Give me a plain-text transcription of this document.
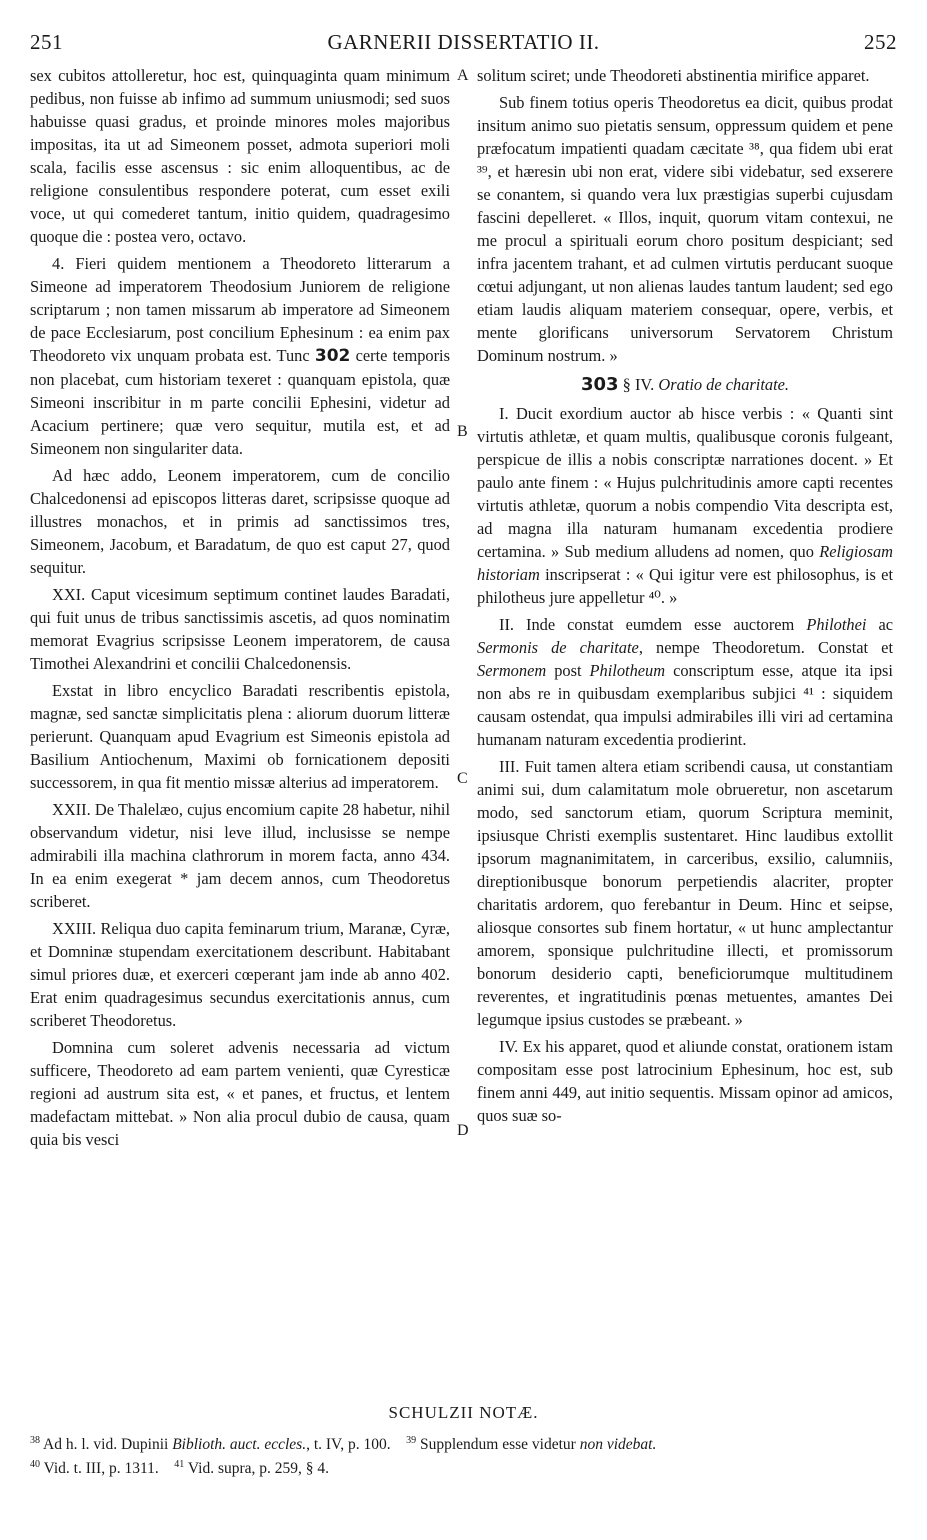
251	GARNERII DISSERTATIO II.	252

sex cubitos attolleretur, hoc est, quinquaginta quam minimum pedibus, non fuisse ab infimo ad summum uniusmodi; sed suos habuisse quasi gradus, et proinde minores moles majoribus impositas, ita ut ad Simeonem posset, admota superiori moli scala, facilis esse ascensus : sic enim alloquentibus, ac de religione consulentibus respondere poterat, cum esset exili voce, ut qui comederet tantum, initio quidem, quadragesimo quoque die : postea vero, octavo.

4. Fieri quidem mentionem a Theodoreto litterarum a Simeone ad imperatorem Theodosium Juniorem de religione scriptarum ; non tamen missarum ab imperatore ad Simeonem de pace Ecclesiarum, post concilium Ephesinum : ea enim pax Theodoreto vix unquam probata est. Tunc 302 certe temporis non placebat, cum historiam texeret : quanquam epistola, quæ Simeoni inscribitur in m parte concilii Ephesini, videtur ad Acacium pertinere; quæ vero sequitur, mutila est, et ad Simeonem non singulariter data.

Ad hæc addo, Leonem imperatorem, cum de concilio Chalcedonensi ad episcopos litteras daret, scripsisse quoque ad illustres monachos, et in primis ad sanctissimos tres, Simeonem, Jacobum, et Baradatum, de quo est caput 27, quod sequitur.

XXI. Caput vicesimum septimum continet laudes Baradati, qui fuit unus de tribus sanctissimis ascetis, ad quos nominatim memorat Evagrius scripsisse Leonem imperatorem, de causa Timothei Alexandrini et concilii Chalcedonensis.

Exstat in libro encyclico Baradati rescribentis epistola, magnæ, sed sanctæ simplicitatis plena : aliorum duorum litteræ perierunt. Quanquam apud Evagrium est Simeonis epistola ad Basilium Antiochenum, Maximi ob fornicationem depositi successorem, in qua fit mentio missæ alterius ad imperatorem.

XXII. De Thalelæo, cujus encomium capite 28 habetur, nihil observandum videtur, nisi leve illud, inclusisse se nempe admirabili illa machina clathrorum in morem facta, anno 434. In ea enim exegerat * jam decem annos, cum Theodoretus scriberet.

XXIII. Reliqua duo capita feminarum trium, Maranæ, Cyræ, et Domninæ stupendam exercitationem describunt. Habitabant simul priores duæ, et exerceri cœperant jam inde ab anno 402. Erat enim quadragesimus secundus exercitationis annus, cum scriberet Theodoretus.

Domnina cum soleret advenis necessaria ad victum sufficere, Theodoreto ad eam partem venienti, quæ Cyresticæ regioni ad austrum sita est, « et panes, et fructus, et lentem madefactam mittebat. » Non alia procul dubio de causa, quam quia bis vesci

A
B
C
D

solitum sciret; unde Theodoreti abstinentia mirifice apparet.

Sub finem totius operis Theodoretus ea dicit, quibus prodat insitum animo suo pietatis sensum, oppressum quidem et pene præfocatum impatienti quadam cæcitate ³⁸, qua fidem ubi erat ³⁹, et hæresin ubi non erat, videre sibi videbatur, sed exserere se conantem, si quando vera lux præstigias superbi cujusdam fascini depelleret. « Illos, inquit, quorum vitam contexui, ne me procul a spirituali eorum choro positum despiciant; sed infra jacentem trahant, et ad culmen virtutis perducant suoque cœtui adjungant, ut non alienas laudes tantum laudent; sed ego etiam laudis aliquam materiem consequar, opere, verbis, et mente glorificans universorum Servatorem Christum Dominum nostrum. »

303 § IV. Oratio de charitate.

I. Ducit exordium auctor ab hisce verbis : « Quanti sint virtutis athletæ, et quam multis, qualibusque coronis fulgeant, perspicue de illis a nobis conscriptæ narrationes docent. » Et paulo ante finem : « Hujus pulchritudinis amore capti recentes virtutis athletæ, quorum a nobis compendio Vita descripta est, ad magna illa naturam humanam excedentia prodiere certamina. » Sub medium alludens ad nomen, quo Religiosam historiam inscripserat : « Qui igitur vere est philosophus, is et philotheus jure appelletur ⁴⁰. »

II. Inde constat eumdem esse auctorem Philothei ac Sermonis de charitate, nempe Theodoretum. Constat et Sermonem post Philotheum conscriptum esse, atque ita ipsi non abs re in quibusdam exemplaribus subjici ⁴¹ : siquidem causam ostendat, qua impulsi admirabiles illi viri ad certamina humanam naturam excedentia prodierint.

III. Fuit tamen altera etiam scribendi causa, ut constantiam animi sui, dum calamitatum mole obrueretur, non ascetarum modo, sed sanctorum etiam, quorum Scriptura meminit, ipsiusque Christi exemplis sustentaret. Hinc laudibus extollit ipsorum magnanimitatem, in carceribus, exsilio, calumniis, direptionibusque bonorum perpetiendis alacriter, propter charitatis ardorem, quo ferebantur in Deum. Hinc et seipse, aliosque consortes sub finem hortatur, « ut hunc amplectantur amorem, sponsique pulchritudine illecti, et promissorum bonorum desiderio capti, beneficiorumque multitudinem reverentes, et ingratitudinis pœnas metuentes, amantes Dei legumque ipsius custodes se præbeant. »

IV. Ex his apparet, quod et aliunde constat, orationem istam compositam esse post latrocinium Ephesinum, hoc est, sub finem anni 449, aut initio sequentis. Missam opinor ad amicos, quos suæ so-

SCHULZII NOTÆ.
$^{38}$ Ad h. l. vid. Dupinii Biblioth. auct. eccles., t. IV, p. 100. $^{39}$ Supplendum esse videtur non videbat.
$^{40}$ Vid. t. III, p. 1311. $^{41}$ Vid. supra, p. 259, § 4.
